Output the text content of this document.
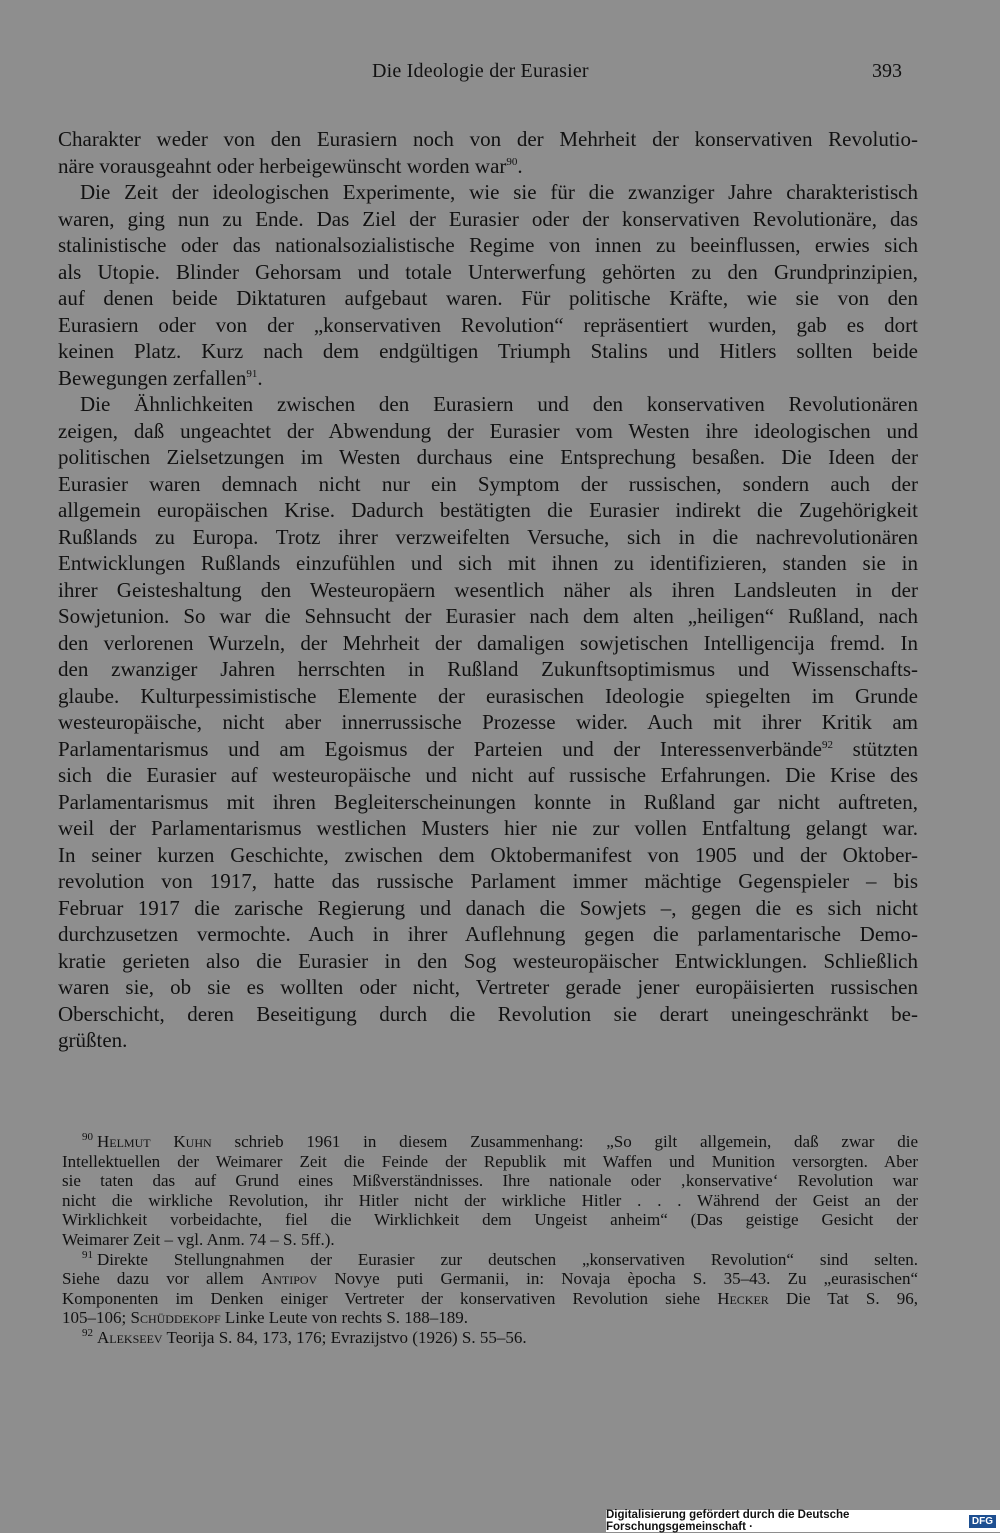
Die Ideologie der Eurasier	393
Charakter weder von den Eurasiern noch von der Mehrheit der konservativen Revolutio-
näre vorausgeahnt oder herbeigewünscht worden war$^{90}$.
Die Zeit der ideologischen Experimente, wie sie für die zwanziger Jahre charakteristisch
waren, ging nun zu Ende. Das Ziel der Eurasier oder der konservativen Revolutionäre, das
stalinistische oder das nationalsozialistische Regime von innen zu beeinflussen, erwies sich
als Utopie. Blinder Gehorsam und totale Unterwerfung gehörten zu den Grundprinzipien,
auf denen beide Diktaturen aufgebaut waren. Für politische Kräfte, wie sie von den
Eurasiern oder von der „konservativen Revolution“ repräsentiert wurden, gab es dort
keinen Platz. Kurz nach dem endgültigen Triumph Stalins und Hitlers sollten beide
Bewegungen zerfallen$^{91}$.
Die Ähnlichkeiten zwischen den Eurasiern und den konservativen Revolutionären
zeigen, daß ungeachtet der Abwendung der Eurasier vom Westen ihre ideologischen und
politischen Zielsetzungen im Westen durchaus eine Entsprechung besaßen. Die Ideen der
Eurasier waren demnach nicht nur ein Symptom der russischen, sondern auch der
allgemein europäischen Krise. Dadurch bestätigten die Eurasier indirekt die Zugehörigkeit
Rußlands zu Europa. Trotz ihrer verzweifelten Versuche, sich in die nachrevolutionären
Entwicklungen Rußlands einzufühlen und sich mit ihnen zu identifizieren, standen sie in
ihrer Geisteshaltung den Westeuropäern wesentlich näher als ihren Landsleuten in der
Sowjetunion. So war die Sehnsucht der Eurasier nach dem alten „heiligen“ Rußland, nach
den verlorenen Wurzeln, der Mehrheit der damaligen sowjetischen Intelligencija fremd. In
den zwanziger Jahren herrschten in Rußland Zukunftsoptimismus und Wissenschafts-
glaube. Kulturpessimistische Elemente der eurasischen Ideologie spiegelten im Grunde
westeuropäische, nicht aber innerrussische Prozesse wider. Auch mit ihrer Kritik am
Parlamentarismus und am Egoismus der Parteien und der Interessenverbände$^{92}$ stützten
sich die Eurasier auf westeuropäische und nicht auf russische Erfahrungen. Die Krise des
Parlamentarismus mit ihren Begleiterscheinungen konnte in Rußland gar nicht auftreten,
weil der Parlamentarismus westlichen Musters hier nie zur vollen Entfaltung gelangt war.
In seiner kurzen Geschichte, zwischen dem Oktobermanifest von 1905 und der Oktober-
revolution von 1917, hatte das russische Parlament immer mächtige Gegenspieler – bis
Februar 1917 die zarische Regierung und danach die Sowjets –, gegen die es sich nicht
durchzusetzen vermochte. Auch in ihrer Auflehnung gegen die parlamentarische Demo-
kratie gerieten also die Eurasier in den Sog westeuropäischer Entwicklungen. Schließlich
waren sie, ob sie es wollten oder nicht, Vertreter gerade jener europäisierten russischen
Oberschicht, deren Beseitigung durch die Revolution sie derart uneingeschränkt be-
grüßten.
$^{90}$ Helmut Kuhn schrieb 1961 in diesem Zusammenhang: „So gilt allgemein, daß zwar die
Intellektuellen der Weimarer Zeit die Feinde der Republik mit Waffen und Munition versorgten. Aber
sie taten das auf Grund eines Mißverständnisses. Ihre nationale oder ‚konservative‘ Revolution war
nicht die wirkliche Revolution, ihr Hitler nicht der wirkliche Hitler . . . Während der Geist an der
Wirklichkeit vorbeidachte, fiel die Wirklichkeit dem Ungeist anheim“ (Das geistige Gesicht der
Weimarer Zeit – vgl. Anm. 74 – S. 5ff.).
$^{91}$ Direkte Stellungnahmen der Eurasier zur deutschen „konservativen Revolution“ sind selten.
Siehe dazu vor allem Antipov Novye puti Germanii, in: Novaja èpocha S. 35–43. Zu „eurasischen“
Komponenten im Denken einiger Vertreter der konservativen Revolution siehe Hecker Die Tat S. 96,
105–106; Schüddekopf Linke Leute von rechts S. 188–189.
$^{92}$ Alekseev Teorija S. 84, 173, 176; Evrazijstvo (1926) S. 55–56.
Digitalisierung gefördert durch die Deutsche Forschungsgemeinschaft ·	DFG
